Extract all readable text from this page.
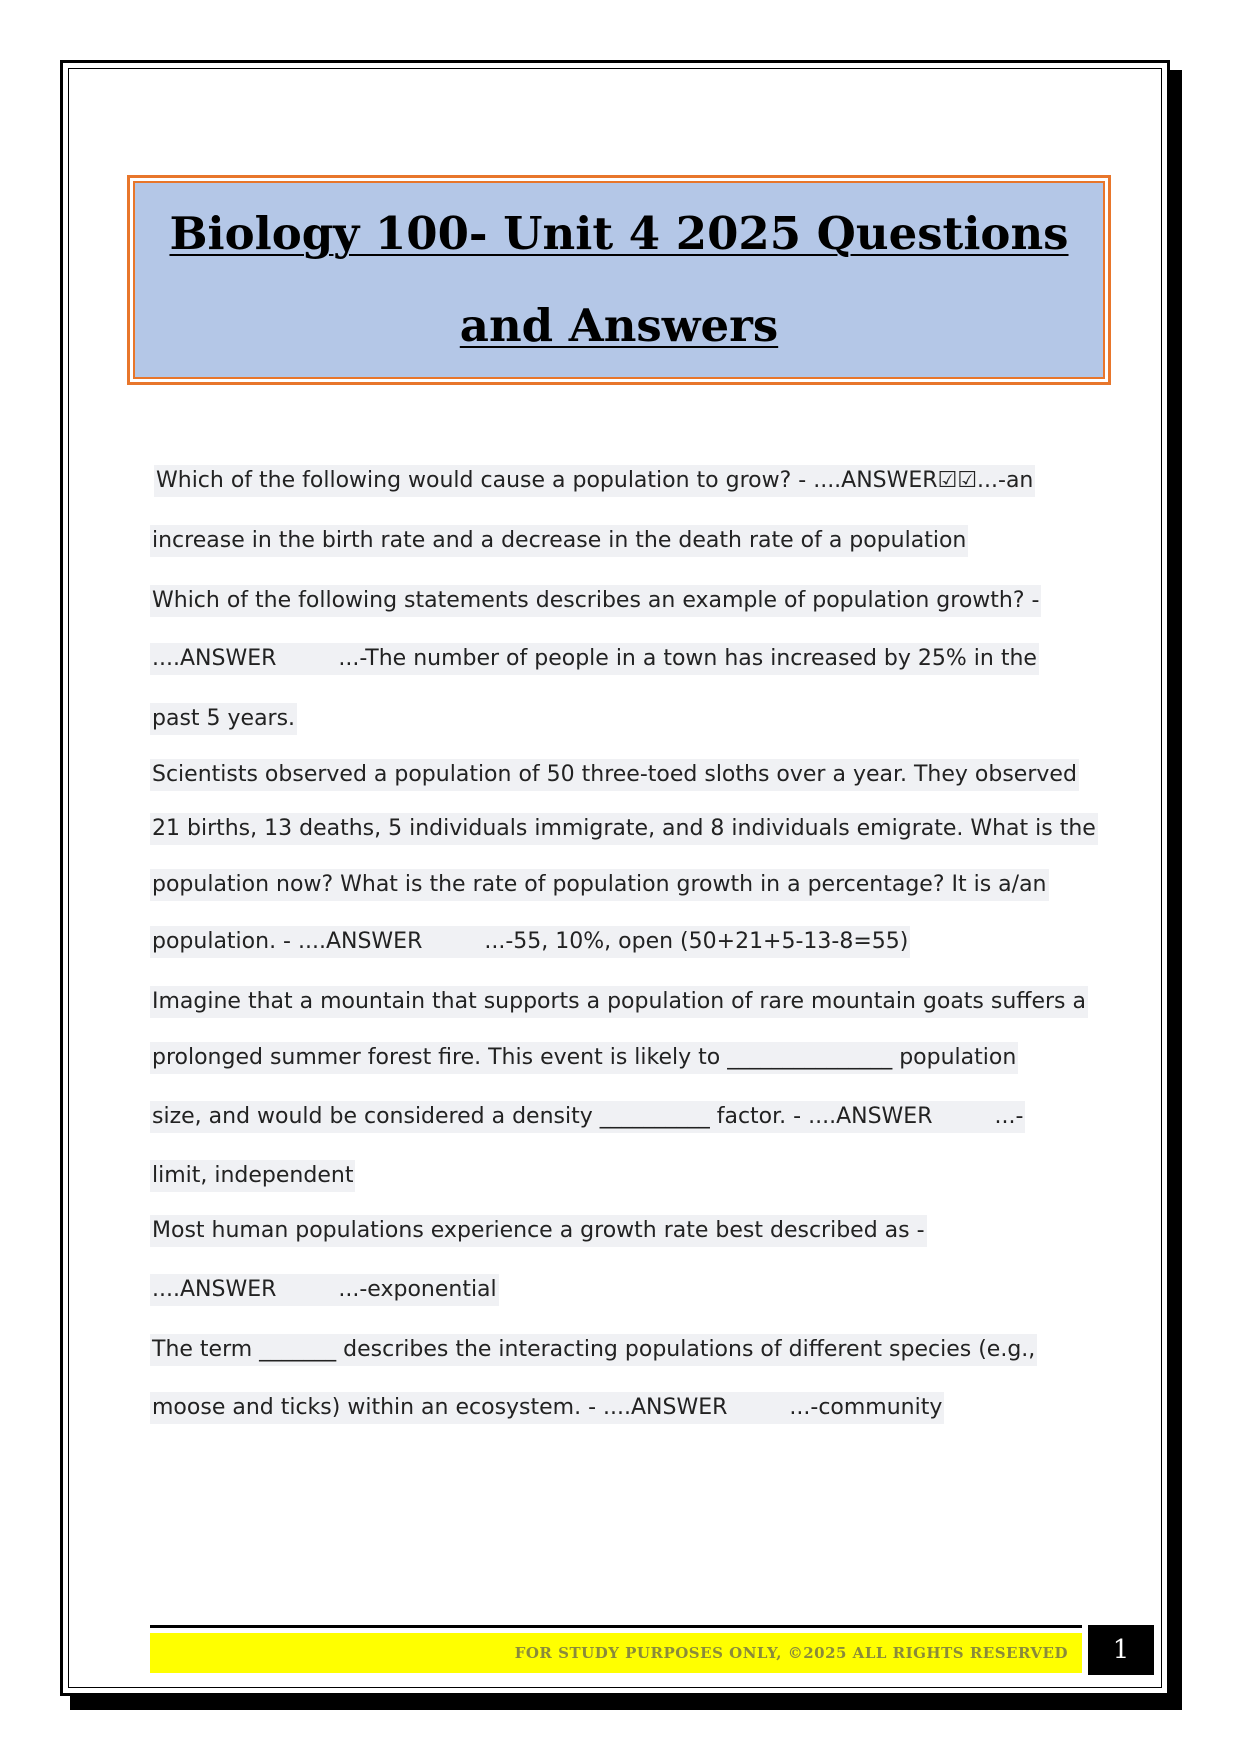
Biology 100- Unit 4 2025 Questions and Answers
Which of the following would cause a population to grow? - ....ANSWER☑☑...-an
increase in the birth rate and a decrease in the death rate of a population
Which of the following statements describes an example of population growth? -
....ANSWER	...-The number of people in a town has increased by 25% in the
past 5 years.
Scientists observed a population of 50 three-toed sloths over a year. They observed
21 births, 13 deaths, 5 individuals immigrate, and 8 individuals emigrate. What is the
population now? What is the rate of population growth in a percentage? It is a/an
population. - ....ANSWER	...-55, 10%, open (50+21+5-13-8=55)
Imagine that a mountain that supports a population of rare mountain goats suffers a
prolonged summer forest fire. This event is likely to _______________ population
size, and would be considered a density __________ factor. - ....ANSWER	...-
limit, independent
Most human populations experience a growth rate best described as -
....ANSWER	...-exponential
The term _______ describes the interacting populations of different species (e.g.,
moose and ticks) within an ecosystem. - ....ANSWER	...-community
FOR STUDY PURPOSES ONLY, ©2025 ALL RIGHTS RESERVED 1
